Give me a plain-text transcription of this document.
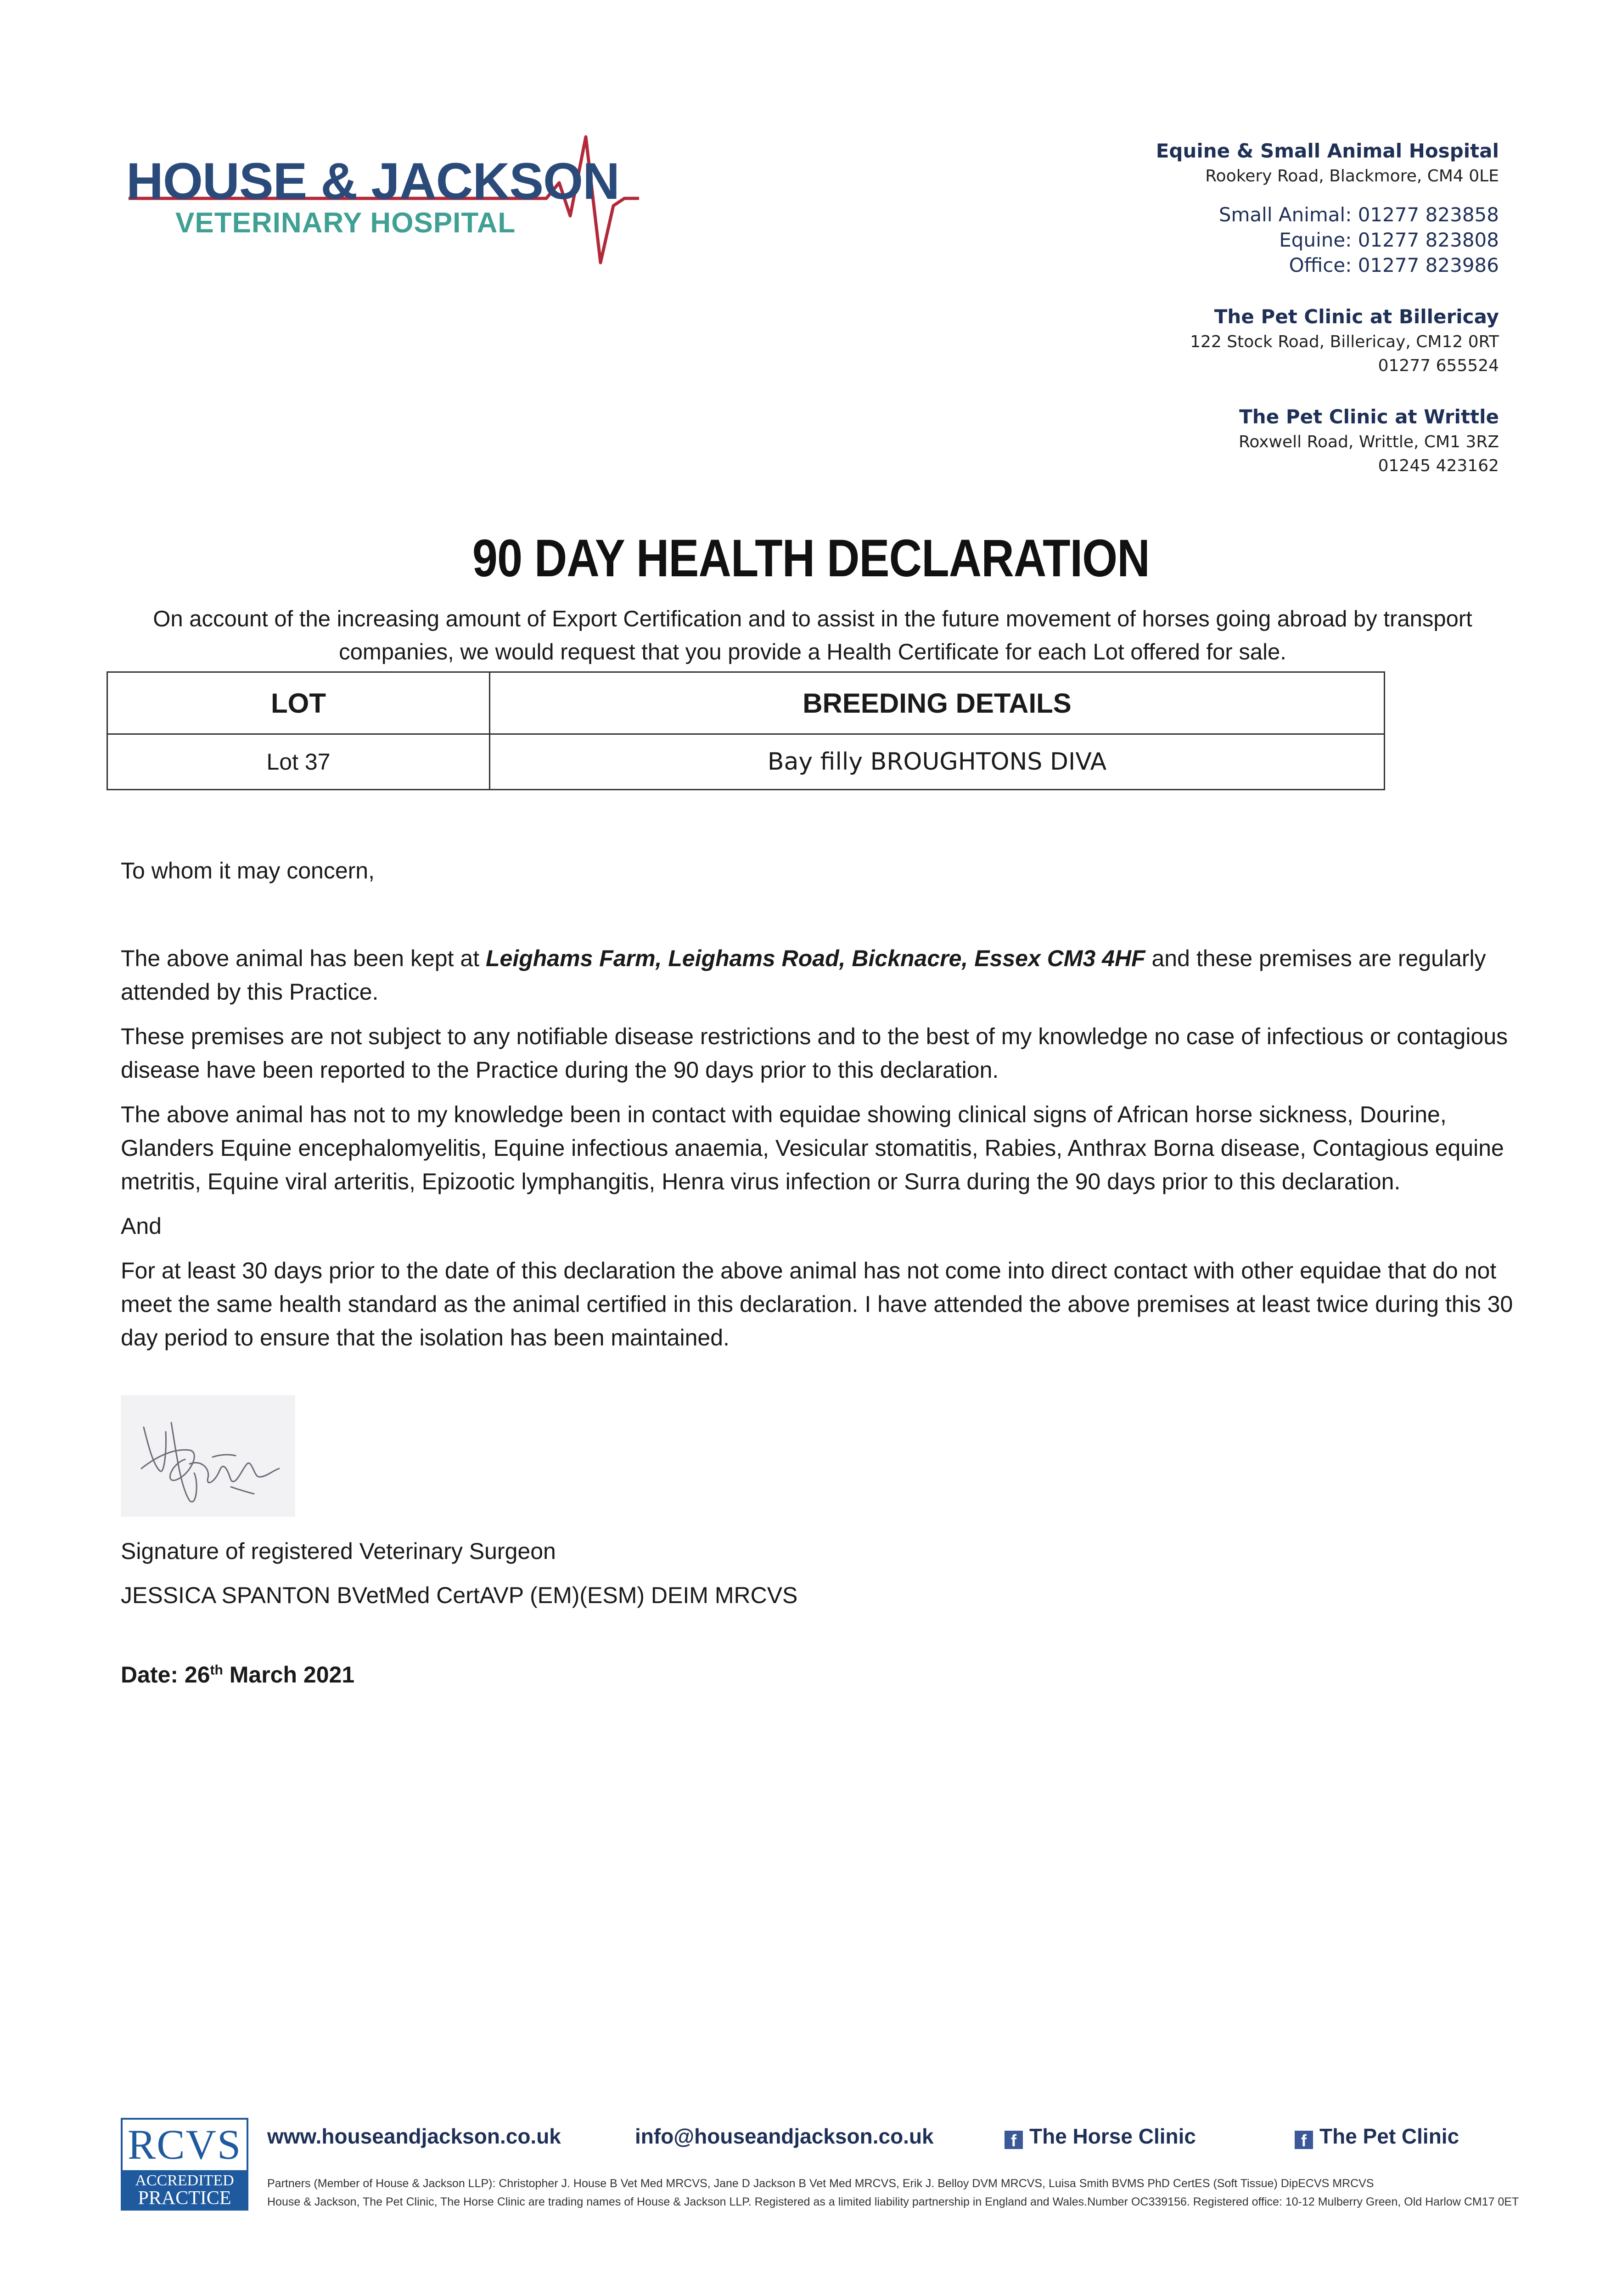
HOUSE & JACKSON
VETERINARY HOSPITAL
Equine & Small Animal Hospital
Rookery Road, Blackmore, CM4 0LE
Small Animal: 01277 823858
Equine: 01277 823808
Office: 01277 823986
The Pet Clinic at Billericay
122 Stock Road, Billericay, CM12 0RT
01277 655524
The Pet Clinic at Writtle
Roxwell Road, Writtle, CM1 3RZ
01245 423162
90 DAY HEALTH DECLARATION
On account of the increasing amount of Export Certification and to assist in the future movement of horses going abroad by transport companies, we would request that you provide a Health Certificate for each Lot offered for sale.
LOT	BREEDING DETAILS
Lot 37	Bay filly BROUGHTONS DIVA

To whom it may concern,

The above animal has been kept at Leighams Farm, Leighams Road, Bicknacre, Essex CM3 4HF and these premises are regularly attended by this Practice.

These premises are not subject to any notifiable disease restrictions and to the best of my knowledge no case of infectious or contagious disease have been reported to the Practice during the 90 days prior to this declaration.

The above animal has not to my knowledge been in contact with equidae showing clinical signs of African horse sickness, Dourine, Glanders Equine encephalomyelitis, Equine infectious anaemia, Vesicular stomatitis, Rabies, Anthrax Borna disease, Contagious equine metritis, Equine viral arteritis, Epizootic lymphangitis, Henra virus infection or Surra during the 90 days prior to this declaration.

And

For at least 30 days prior to the date of this declaration the above animal has not come into direct contact with other equidae that do not meet the same health standard as the animal certified in this declaration. I have attended the above premises at least twice during this 30 day period to ensure that the isolation has been maintained.

Signature of registered Veterinary Surgeon
JESSICA SPANTON BVetMed CertAVP (EM)(ESM) DEIM MRCVS
Date: 26th March 2021
RCVS
ACCREDITED
PRACTICE
www.houseandjackson.co.uk	info@houseandjackson.co.uk	f The Horse Clinic	f The Pet Clinic
Partners (Member of House & Jackson LLP): Christopher J. House B Vet Med MRCVS, Jane D Jackson B Vet Med MRCVS, Erik J. Belloy DVM MRCVS, Luisa Smith BVMS PhD CertES (Soft Tissue) DipECVS MRCVS
House & Jackson, The Pet Clinic, The Horse Clinic are trading names of House & Jackson LLP. Registered as a limited liability partnership in England and Wales.Number OC339156. Registered office: 10-12 Mulberry Green, Old Harlow CM17 0ET
